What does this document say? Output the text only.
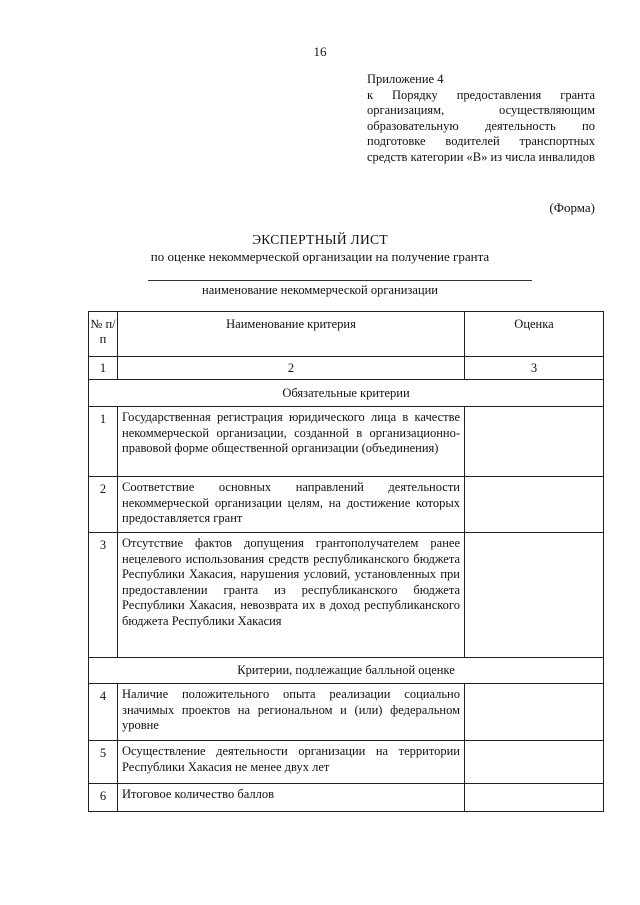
16
Приложение 4
к Порядку предоставления гранта организациям, осуществляющим образовательную деятельность по подготовке водителей транспортных средств категории «В» из числа инвалидов
(Форма)
ЭКСПЕРТНЫЙ ЛИСТ
по оценке некоммерческой организации на получение гранта
наименование некоммерческой организации
№ п/п	Наименование критерия	Оценка
1	2	3
Обязательные критерии		
1	Государственная регистрация юридического лица в качестве некоммерческой организации, созданной в организационно-правовой форме общественной организации (объединения)	
2	Соответствие основных направлений деятельности некоммерческой организации целям, на достижение которых предоставляется грант	
3	Отсутствие фактов допущения грантополучателем ранее нецелевого использования средств республиканского бюджета Республики Хакасия, нарушения условий, установленных при предоставлении гранта из республиканского бюджета Республики Хакасия, невозврата их в доход республиканского бюджета Республики Хакасия	
Критерии, подлежащие балльной оценке		
4	Наличие положительного опыта реализации социально значимых проектов на региональном и (или) федеральном уровне	
5	Осуществление деятельности организации на территории Республики Хакасия не менее двух лет	
6	Итоговое количество баллов	
